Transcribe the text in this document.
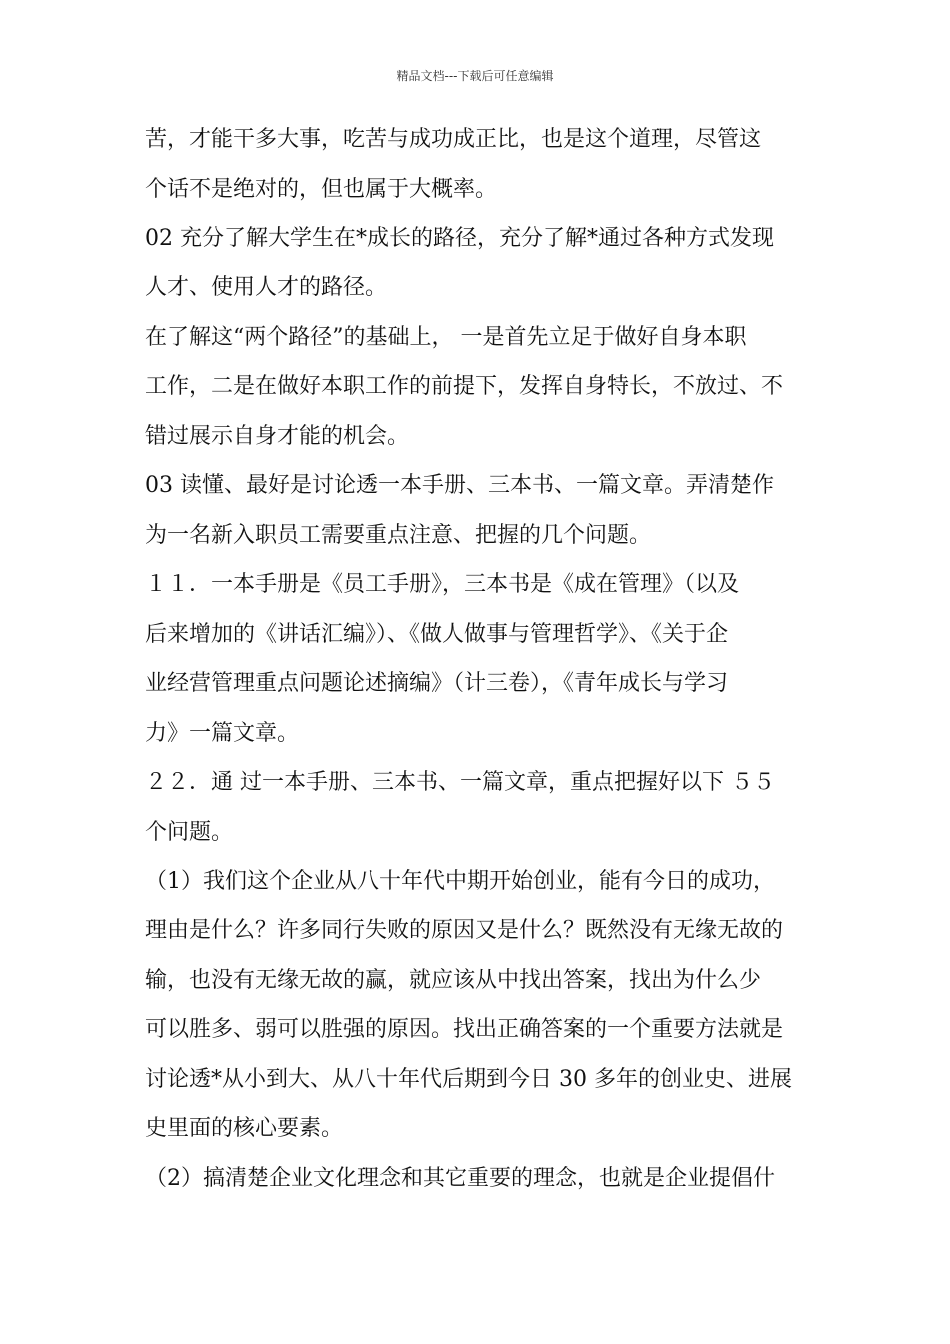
精品文档---下载后可任意编辑

苦，才能干多大事，吃苦与成功成正比，也是这个道理，尽管这

个话不是绝对的，但也属于大概率。

02 充分了解大学生在*成长的路径，充分了解*通过各种方式发现

人才、使用人才的路径。

在了解这“两个路径”的基础上， 一是首先立足于做好自身本职

工作，二是在做好本职工作的前提下，发挥自身特长，不放过、不

错过展示自身才能的机会。

03 读懂、最好是讨论透一本手册、三本书、一篇文章。弄清楚作

为一名新入职员工需要重点注意、把握的几个问题。

１１．一本手册是《员工手册》，三本书是《成在管理》（以及

后来增加的《讲话汇编》）、《做人做事与管理哲学》、《关于企

业经营管理重点问题论述摘编》（计三卷），《青年成长与学习

力》一篇文章。

２２．通 过一本手册、三本书、一篇文章，重点把握好以下 ５５

个问题。

（1）我们这个企业从八十年代中期开始创业，能有今日的成功，

理由是什么？许多同行失败的原因又是什么？既然没有无缘无故的

输，也没有无缘无故的赢，就应该从中找出答案，找出为什么少

可以胜多、弱可以胜强的原因。找出正确答案的一个重要方法就是

讨论透*从小到大、从八十年代后期到今日 30 多年的创业史、进展

史里面的核心要素。

（2）搞清楚企业文化理念和其它重要的理念，也就是企业提倡什
